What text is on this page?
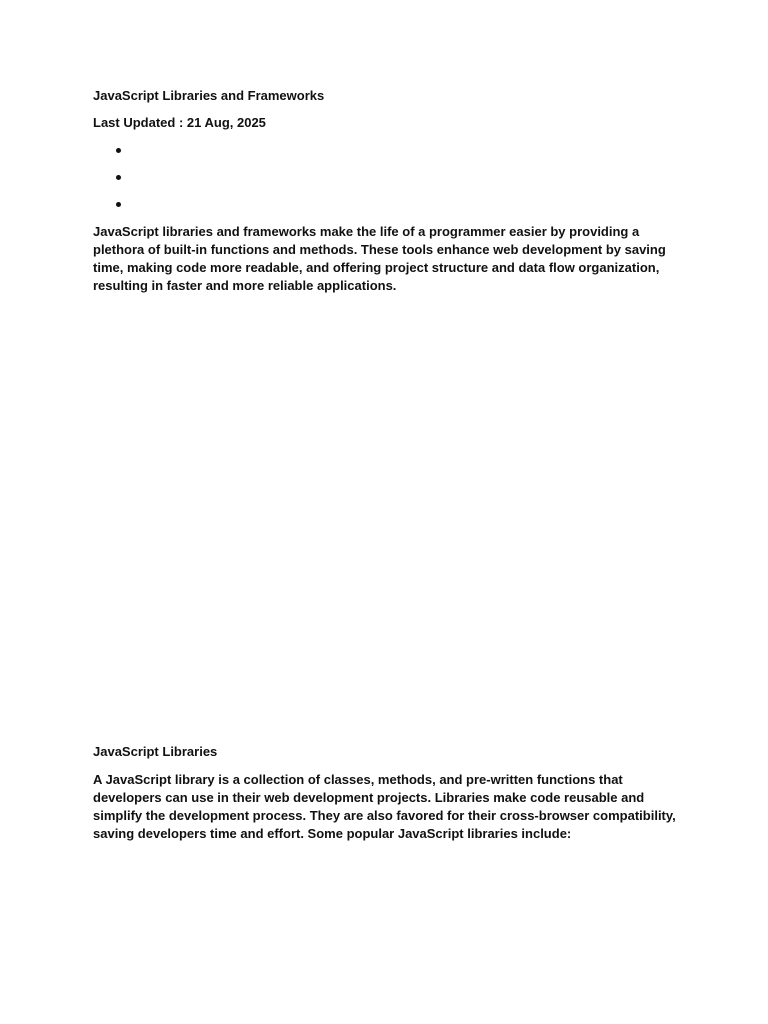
JavaScript Libraries and Frameworks

Last Updated : 21 Aug, 2025

JavaScript libraries and frameworks make the life of a programmer easier by providing a plethora of built-in functions and methods. These tools enhance web development by saving time, making code more readable, and offering project structure and data flow organization, resulting in faster and more reliable applications.

JavaScript Libraries

A JavaScript library is a collection of classes, methods, and pre-written functions that developers can use in their web development projects. Libraries make code reusable and simplify the development process. They are also favored for their cross-browser compatibility, saving developers time and effort. Some popular JavaScript libraries include:
